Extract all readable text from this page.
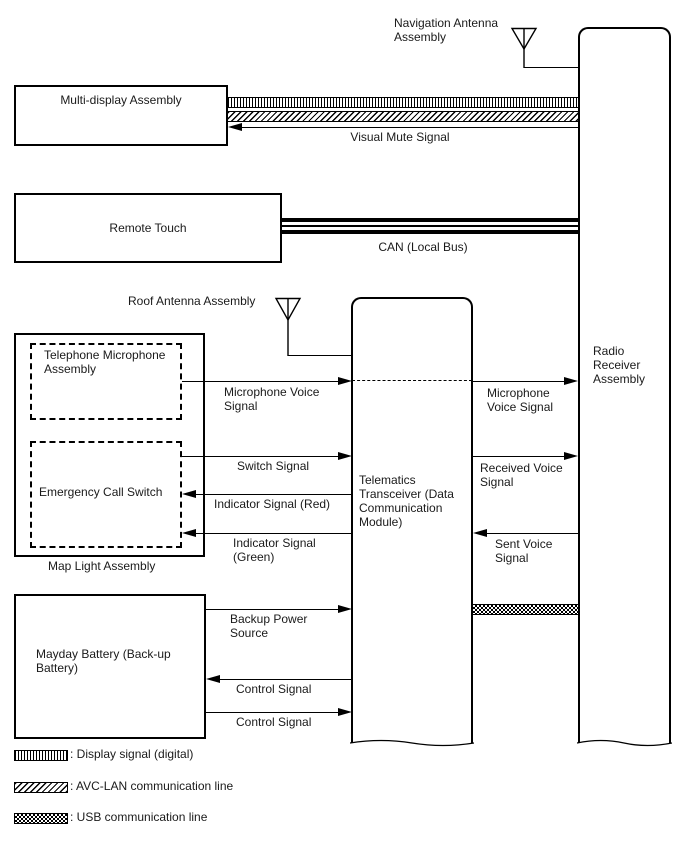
Multi-display Assembly
Remote Touch
Telephone Microphone Assembly
Emergency Call Switch
Map Light Assembly
Mayday Battery (Back-up Battery)
Telematics Transceiver (Data Communication Module)
Radio Receiver Assembly
Navigation Antenna Assembly
Roof Antenna Assembly
Visual Mute Signal
CAN (Local Bus)
Microphone Voice Signal
Switch Signal
Indicator Signal (Red)
Indicator Signal (Green)
Microphone Voice Signal
Received Voice Signal
Sent Voice Signal
Backup Power Source
Control Signal
Control Signal
: Display signal (digital)
: AVC-LAN communication line
: USB communication line
